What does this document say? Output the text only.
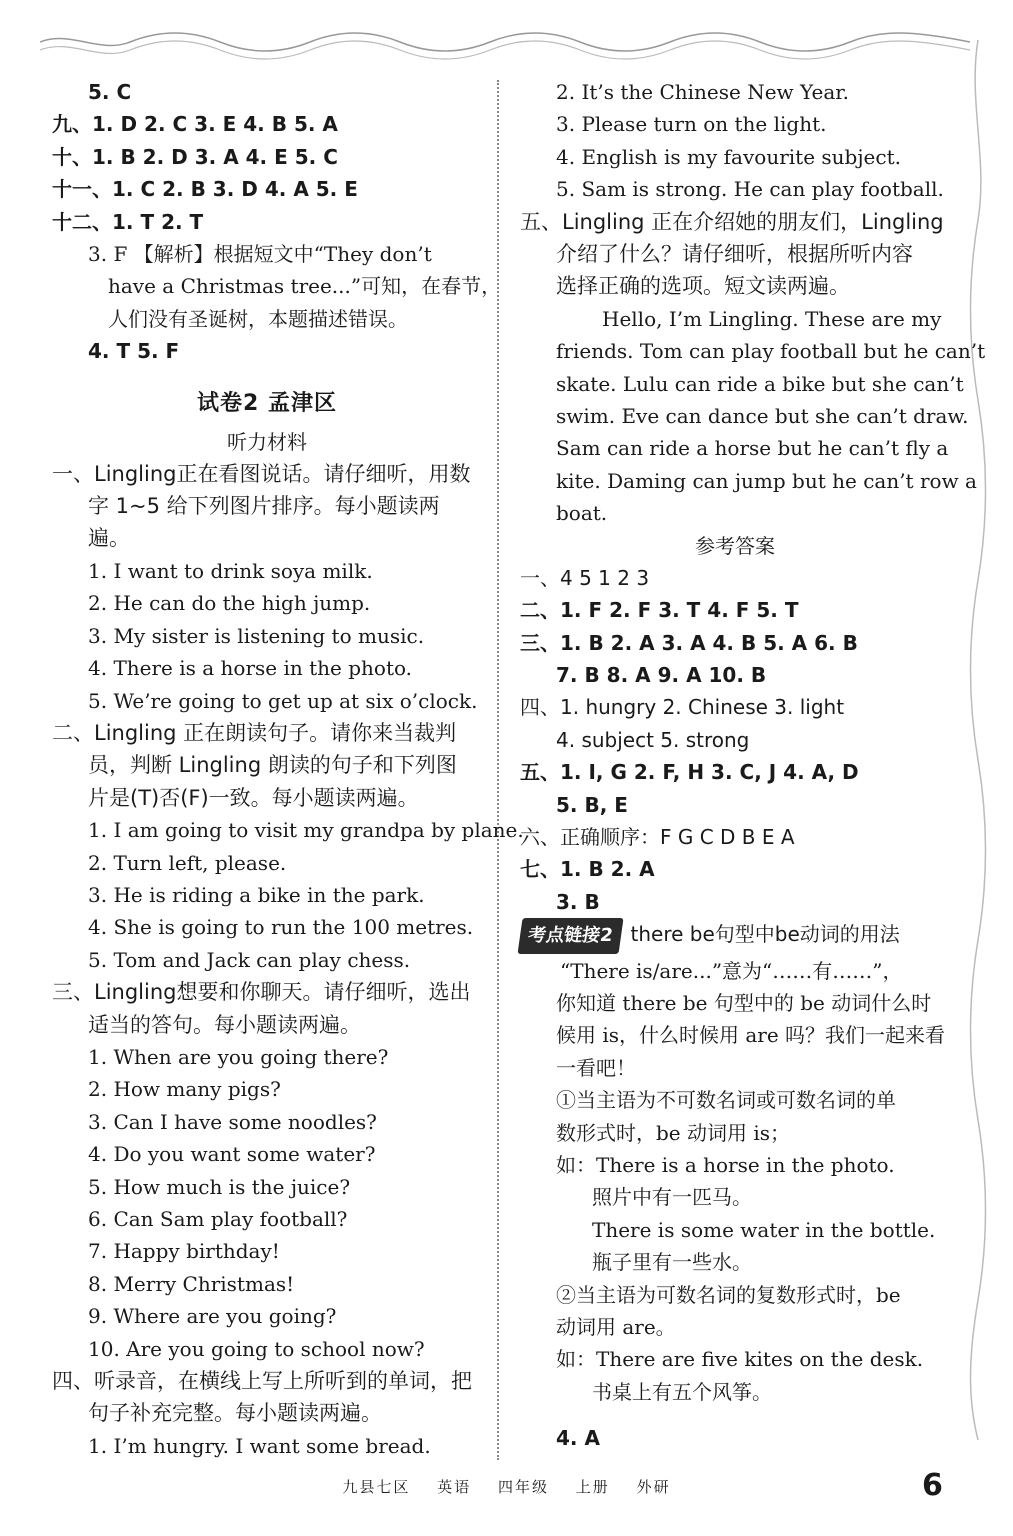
5. C
九、1. D 2. C 3. E 4. B 5. A
十、1. B 2. D 3. A 4. E 5. C
十一、1. C 2. B 3. D 4. A 5. E
十二、1. T 2. T
3. F 【解析】根据短文中“They don’t
have a Christmas tree...”可知，在春节，
人们没有圣诞树，本题描述错误。
4. T 5. F
试卷2 孟津区
听力材料
一、Lingling正在看图说话。请仔细听，用数
字 1~5 给下列图片排序。每小题读两
遍。
1. I want to drink soya milk.
2. He can do the high jump.
3. My sister is listening to music.
4. There is a horse in the photo.
5. We’re going to get up at six o’clock.
二、Lingling 正在朗读句子。请你来当裁判
员，判断 Lingling 朗读的句子和下列图
片是(T)否(F)一致。每小题读两遍。
1. I am going to visit my grandpa by plane.
2. Turn left, please.
3. He is riding a bike in the park.
4. She is going to run the 100 metres.
5. Tom and Jack can play chess.
三、Lingling想要和你聊天。请仔细听，选出
适当的答句。每小题读两遍。
1. When are you going there?
2. How many pigs?
3. Can I have some noodles?
4. Do you want some water?
5. How much is the juice?
6. Can Sam play football?
7. Happy birthday!
8. Merry Christmas!
9. Where are you going?
10. Are you going to school now?
四、听录音，在横线上写上所听到的单词，把
句子补充完整。每小题读两遍。
1. I’m hungry. I want some bread.
2. It’s the Chinese New Year.
3. Please turn on the light.
4. English is my favourite subject.
5. Sam is strong. He can play football.
五、Lingling 正在介绍她的朋友们，Lingling
介绍了什么？请仔细听，根据所听内容
选择正确的选项。短文读两遍。
Hello, I’m Lingling. These are my
friends. Tom can play football but he can’t
skate. Lulu can ride a bike but she can’t
swim. Eve can dance but she can’t draw.
Sam can ride a horse but he can’t fly a
kite. Daming can jump but he can’t row a
boat.
参考答案
一、4 5 1 2 3
二、1. F 2. F 3. T 4. F 5. T
三、1. B 2. A 3. A 4. B 5. A 6. B
7. B 8. A 9. A 10. B
四、1. hungry 2. Chinese 3. light
4. subject 5. strong
五、1. I, G 2. F, H 3. C, J 4. A, D
5. B, E
六、正确顺序：F G C D B E A
七、1. B 2. A
3. B
考点链接2 there be句型中be动词的用法
“There is/are...”意为“……有……”，
你知道 there be 句型中的 be 动词什么时
候用 is，什么时候用 are 吗？我们一起来看
一看吧！
①当主语为不可数名词或可数名词的单
数形式时，be 动词用 is；
如：There is a horse in the photo.
照片中有一匹马。
There is some water in the bottle.
瓶子里有一些水。
②当主语为可数名词的复数形式时，be
动词用 are。
如：There are five kites on the desk.
书桌上有五个风筝。
4. A
九县七区 英语 四年级 上册 外研	6
